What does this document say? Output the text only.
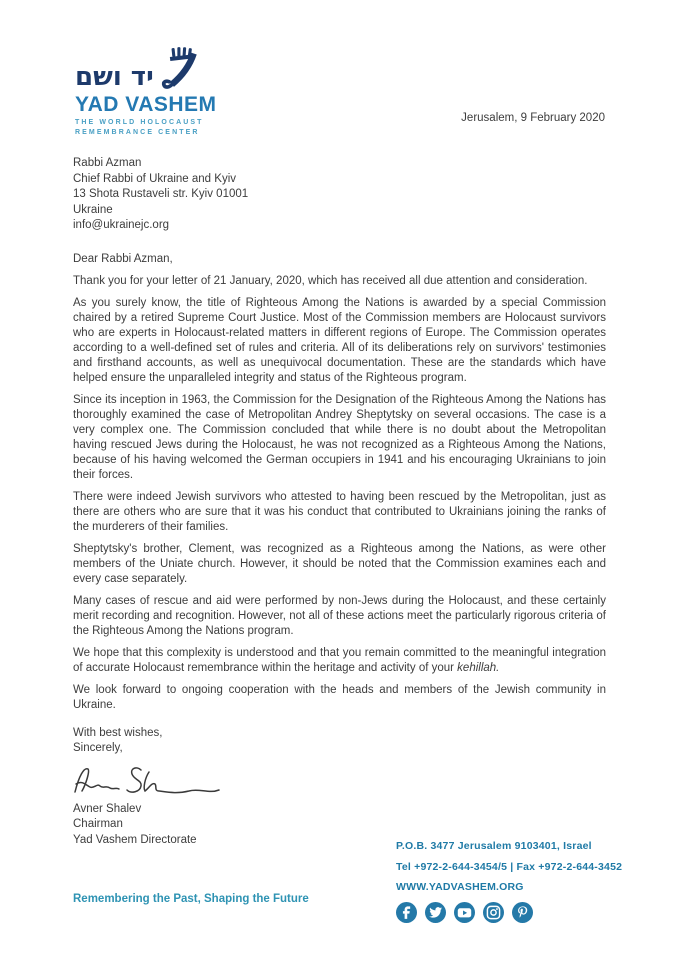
יד ושם
YAD VASHEM
THE WORLD HOLOCAUST
REMEMBRANCE CENTER
Jerusalem, 9 February 2020
Rabbi Azman
Chief Rabbi of Ukraine and Kyiv
13 Shota Rustaveli str. Kyiv 01001
Ukraine
info@ukrainejc.org

Dear Rabbi Azman,

Thank you for your letter of 21 January, 2020, which has received all due attention and consideration.

As you surely know, the title of Righteous Among the Nations is awarded by a special Commission chaired by a retired Supreme Court Justice. Most of the Commission members are Holocaust survivors who are experts in Holocaust-related matters in different regions of Europe. The Commission operates according to a well-defined set of rules and criteria. All of its deliberations rely on survivors' testimonies and firsthand accounts, as well as unequivocal documentation. These are the standards which have helped ensure the unparalleled integrity and status of the Righteous program.

Since its inception in 1963, the Commission for the Designation of the Righteous Among the Nations has thoroughly examined the case of Metropolitan Andrey Sheptytsky on several occasions. The case is a very complex one. The Commission concluded that while there is no doubt about the Metropolitan having rescued Jews during the Holocaust, he was not recognized as a Righteous Among the Nations, because of his having welcomed the German occupiers in 1941 and his encouraging Ukrainians to join their forces.

There were indeed Jewish survivors who attested to having been rescued by the Metropolitan, just as there are others who are sure that it was his conduct that contributed to Ukrainians joining the ranks of the murderers of their families.

Sheptytsky's brother, Clement, was recognized as a Righteous among the Nations, as were other members of the Uniate church. However, it should be noted that the Commission examines each and every case separately.

Many cases of rescue and aid were performed by non-Jews during the Holocaust, and these certainly merit recording and recognition. However, not all of these actions meet the particularly rigorous criteria of the Righteous Among the Nations program.

We hope that this complexity is understood and that you remain committed to the meaningful integration of accurate Holocaust remembrance within the heritage and activity of your kehillah.

We look forward to ongoing cooperation with the heads and members of the Jewish community in Ukraine.

With best wishes,
Sincerely,
Avner Shalev
Chairman
Yad Vashem Directorate
P.O.B. 3477 Jerusalem 9103401, Israel
Tel +972-2-644-3454/5 | Fax +972-2-644-3452
WWW.YADVASHEM.ORG
Remembering the Past, Shaping the Future
